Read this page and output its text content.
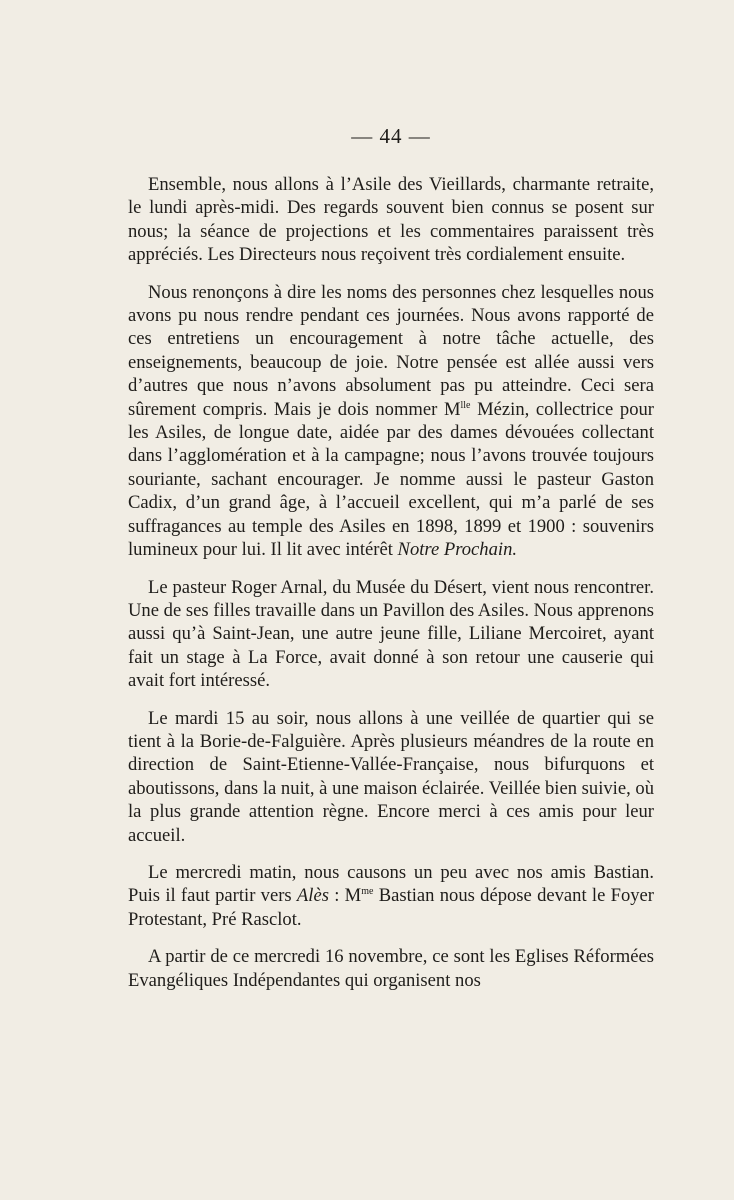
— 44 —

Ensemble, nous allons à l’Asile des Vieillards, charmante retraite, le lundi après-midi. Des regards souvent bien connus se posent sur nous; la séance de projections et les commentaires paraissent très appréciés. Les Directeurs nous reçoivent très cordialement ensuite.

Nous renonçons à dire les noms des personnes chez lesquelles nous avons pu nous rendre pendant ces journées. Nous avons rapporté de ces entretiens un encouragement à notre tâche actuelle, des enseignements, beaucoup de joie. Notre pensée est allée aussi vers d’autres que nous n’avons absolument pas pu atteindre. Ceci sera sûrement compris. Mais je dois nommer $M^{lle}$ Mézin, collectrice pour les Asiles, de longue date, aidée par des dames dévouées collectant dans l’agglomération et à la campagne; nous l’avons trouvée toujours souriante, sachant encourager. Je nomme aussi le pasteur Gaston Cadix, d’un grand âge, à l’accueil excellent, qui m’a parlé de ses suffragances au temple des Asiles en 1898, 1899 et 1900 : souvenirs lumineux pour lui. Il lit avec intérêt Notre Prochain.

Le pasteur Roger Arnal, du Musée du Désert, vient nous rencontrer. Une de ses filles travaille dans un Pavillon des Asiles. Nous apprenons aussi qu’à Saint-Jean, une autre jeune fille, Liliane Mercoiret, ayant fait un stage à La Force, avait donné à son retour une causerie qui avait fort intéressé.

Le mardi 15 au soir, nous allons à une veillée de quartier qui se tient à la Borie-de-Falguière. Après plusieurs méandres de la route en direction de Saint-Etienne-Vallée-Française, nous bifurquons et aboutissons, dans la nuit, à une maison éclairée. Veillée bien suivie, où la plus grande attention règne. Encore merci à ces amis pour leur accueil.

Le mercredi matin, nous causons un peu avec nos amis Bastian. Puis il faut partir vers Alès : $M^{me}$ Bastian nous dépose devant le Foyer Protestant, Pré Rasclot.

A partir de ce mercredi 16 novembre, ce sont les Eglises Réformées Evangéliques Indépendantes qui organisent nos
